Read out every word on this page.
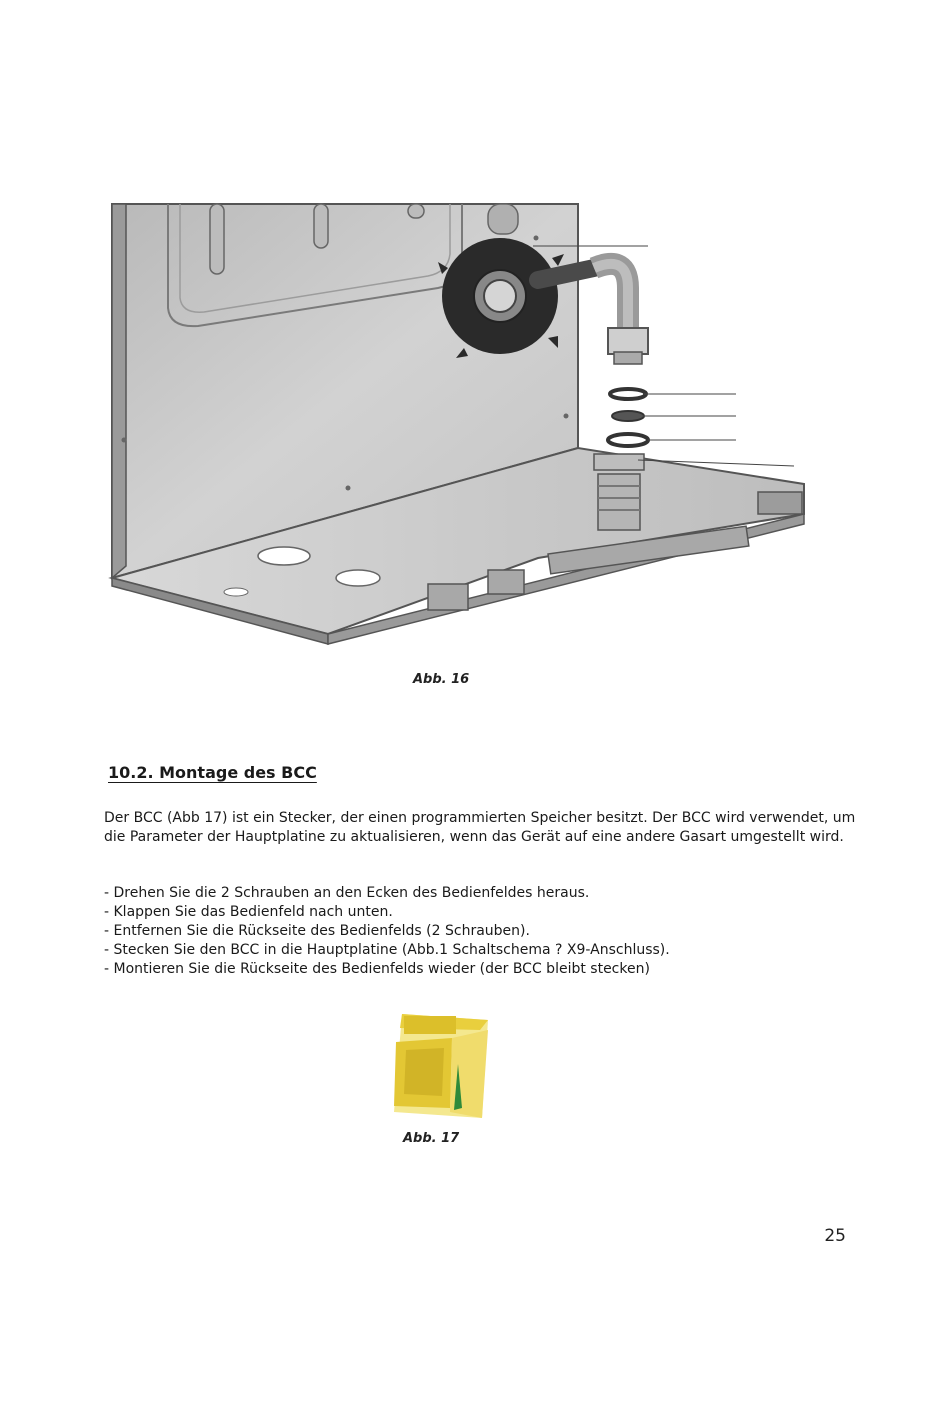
Abb. 16
10.2. Montage des BCC

Der BCC (Abb 17) ist ein Stecker, der einen programmierten Speicher besitzt. Der BCC wird verwendet, um die Parameter der Hauptplatine zu aktualisieren, wenn das Gerät auf eine andere Gasart umgestellt wird.

- Drehen Sie die 2 Schrauben an den Ecken des Bedienfeldes heraus.
- Klappen Sie das Bedienfeld nach unten.
- Entfernen Sie die Rückseite des Bedienfelds (2 Schrauben).
- Stecken Sie den BCC in die Hauptplatine (Abb.1 Schaltschema ? X9-Anschluss).
- Montieren Sie die Rückseite des Bedienfelds wieder (der BCC bleibt stecken)
Abb. 17
25
